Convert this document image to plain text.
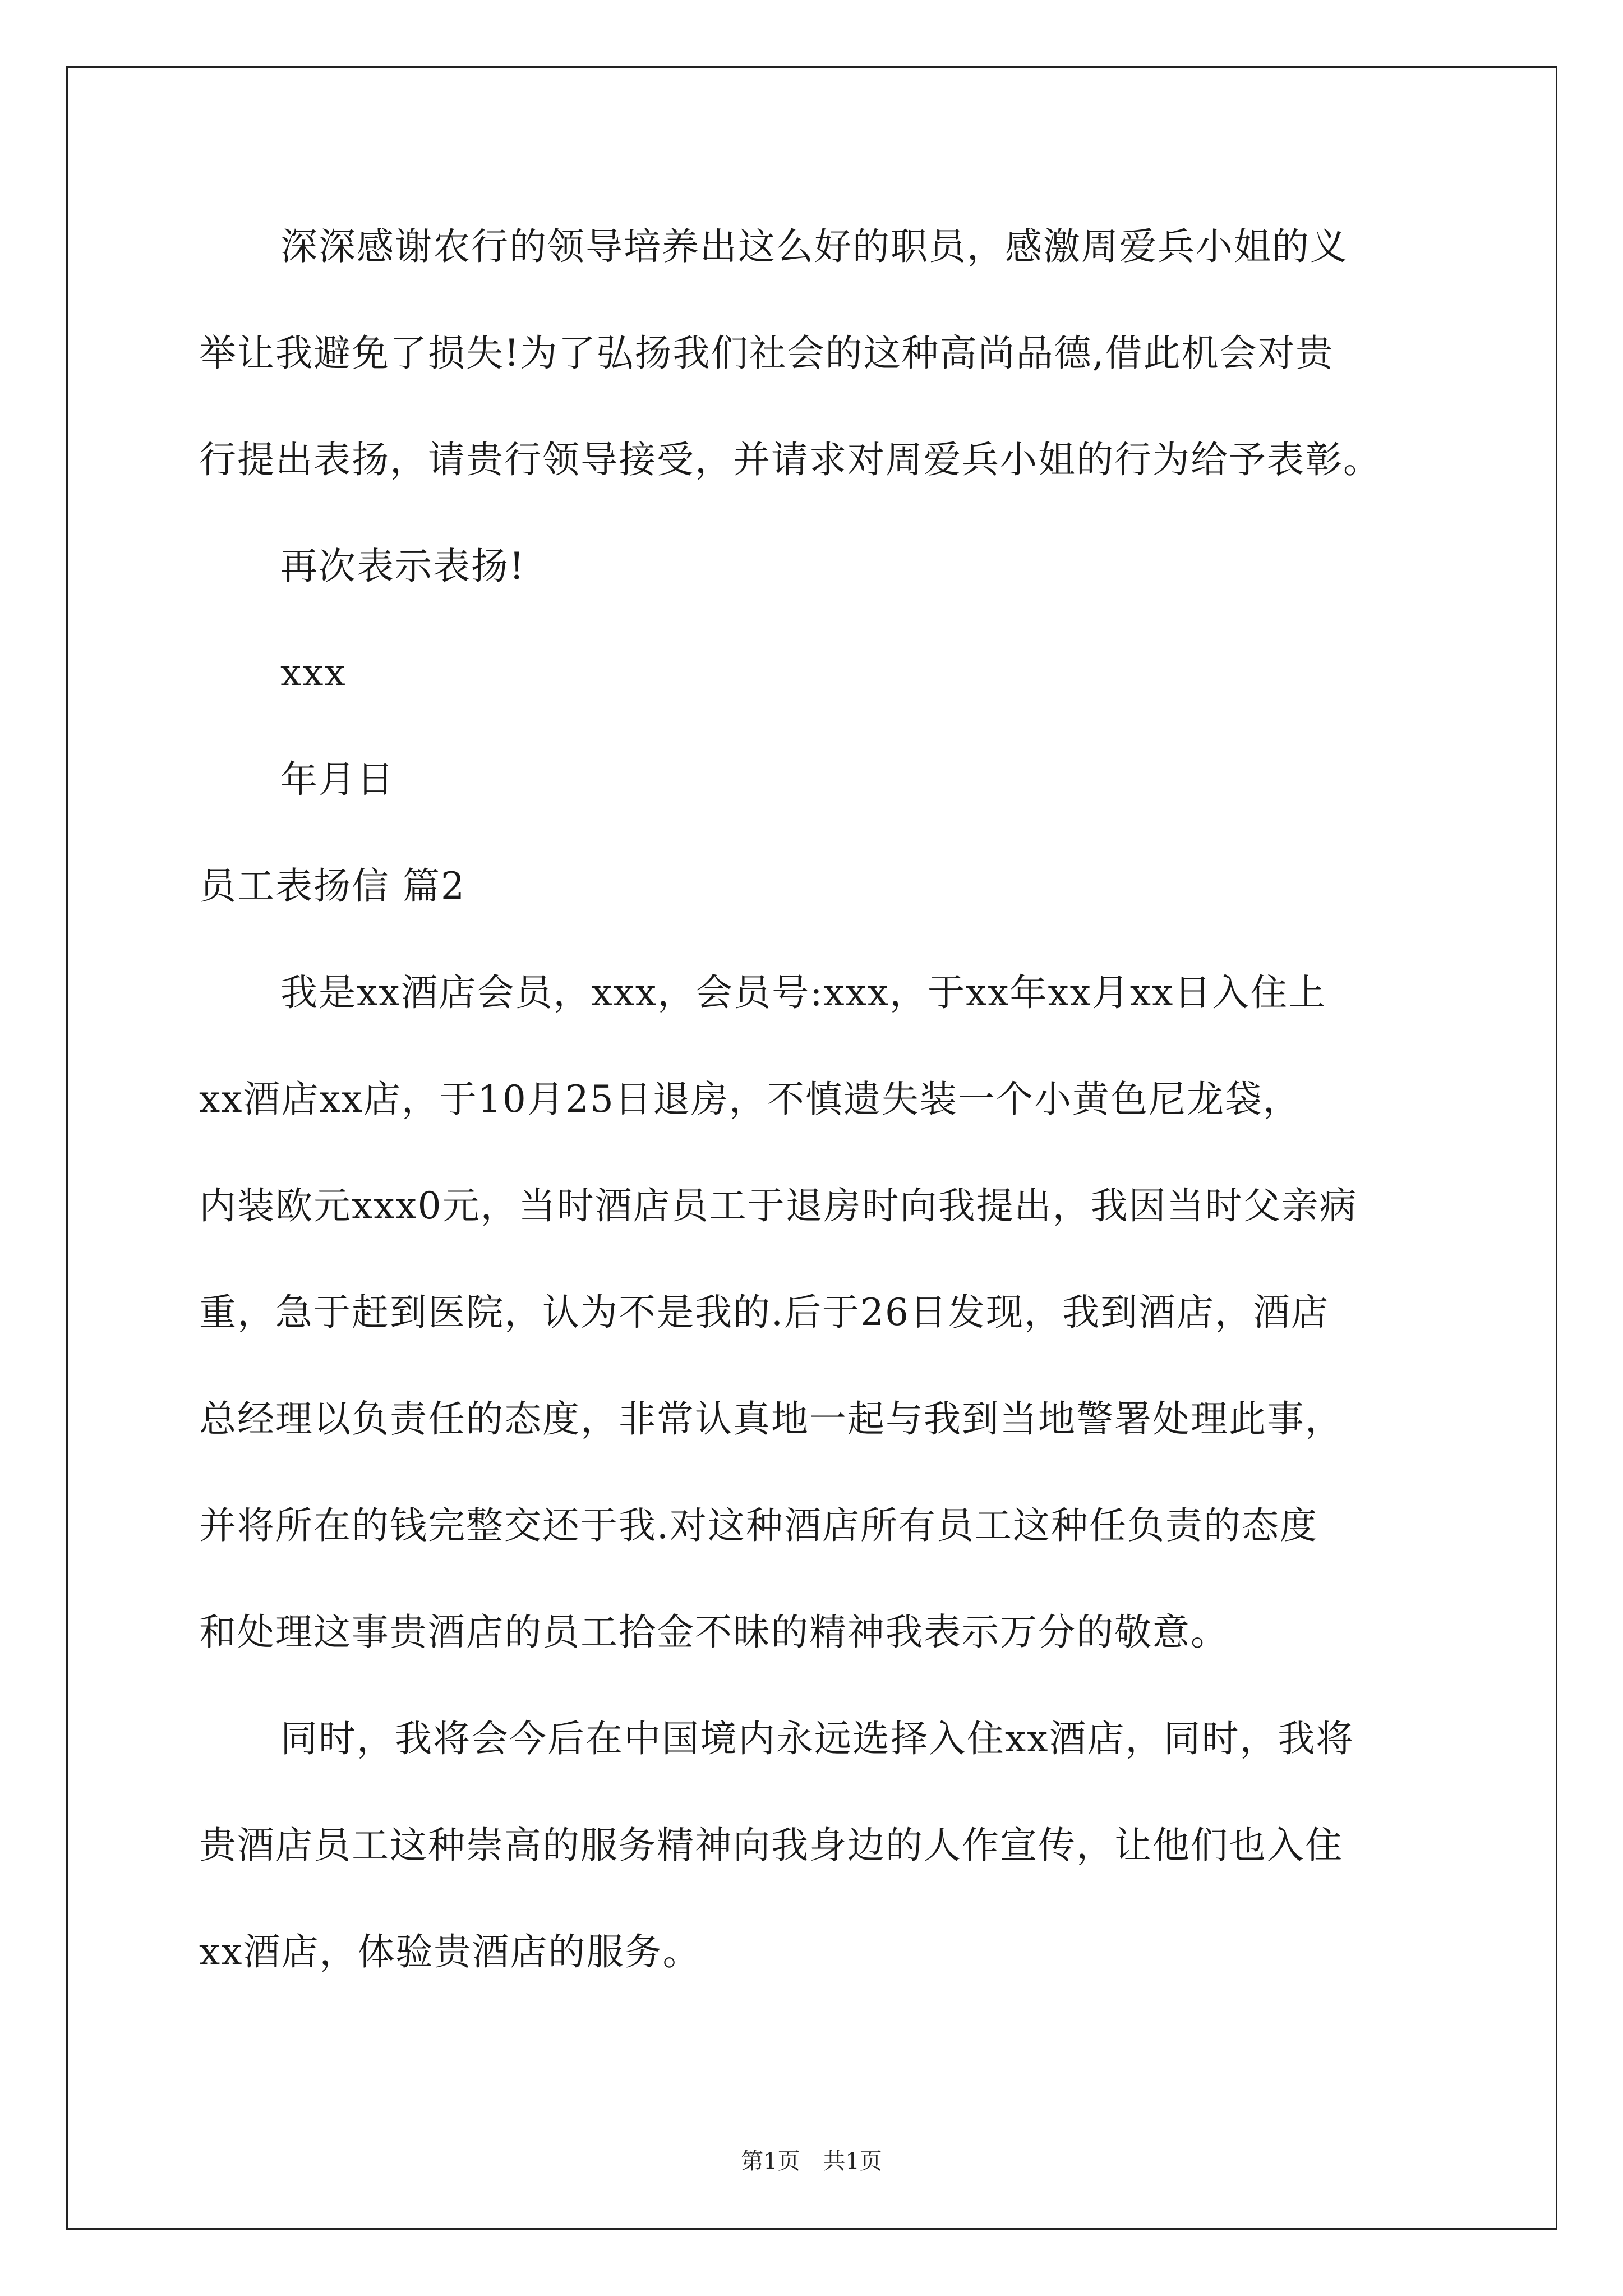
深深感谢农行的领导培养出这么好的职员，感激周爱兵小姐的义
举让我避免了损失!为了弘扬我们社会的这种高尚品德,借此机会对贵
行提出表扬，请贵行领导接受，并请求对周爱兵小姐的行为给予表彰。
再次表示表扬!
xxx
年月日
员工表扬信 篇2
我是xx酒店会员，xxx，会员号:xxx，于xx年xx月xx日入住上
xx酒店xx店，于10月25日退房，不慎遗失装一个小黄色尼龙袋，
内装欧元xxx0元，当时酒店员工于退房时向我提出，我因当时父亲病
重，急于赶到医院，认为不是我的.后于26日发现，我到酒店，酒店
总经理以负责任的态度，非常认真地一起与我到当地警署处理此事，
并将所在的钱完整交还于我.对这种酒店所有员工这种任负责的态度
和处理这事贵酒店的员工拾金不昧的精神我表示万分的敬意。
同时，我将会今后在中国境内永远选择入住xx酒店，同时，我将
贵酒店员工这种崇高的服务精神向我身边的人作宣传，让他们也入住
xx酒店，体验贵酒店的服务。
第1页 共1页
